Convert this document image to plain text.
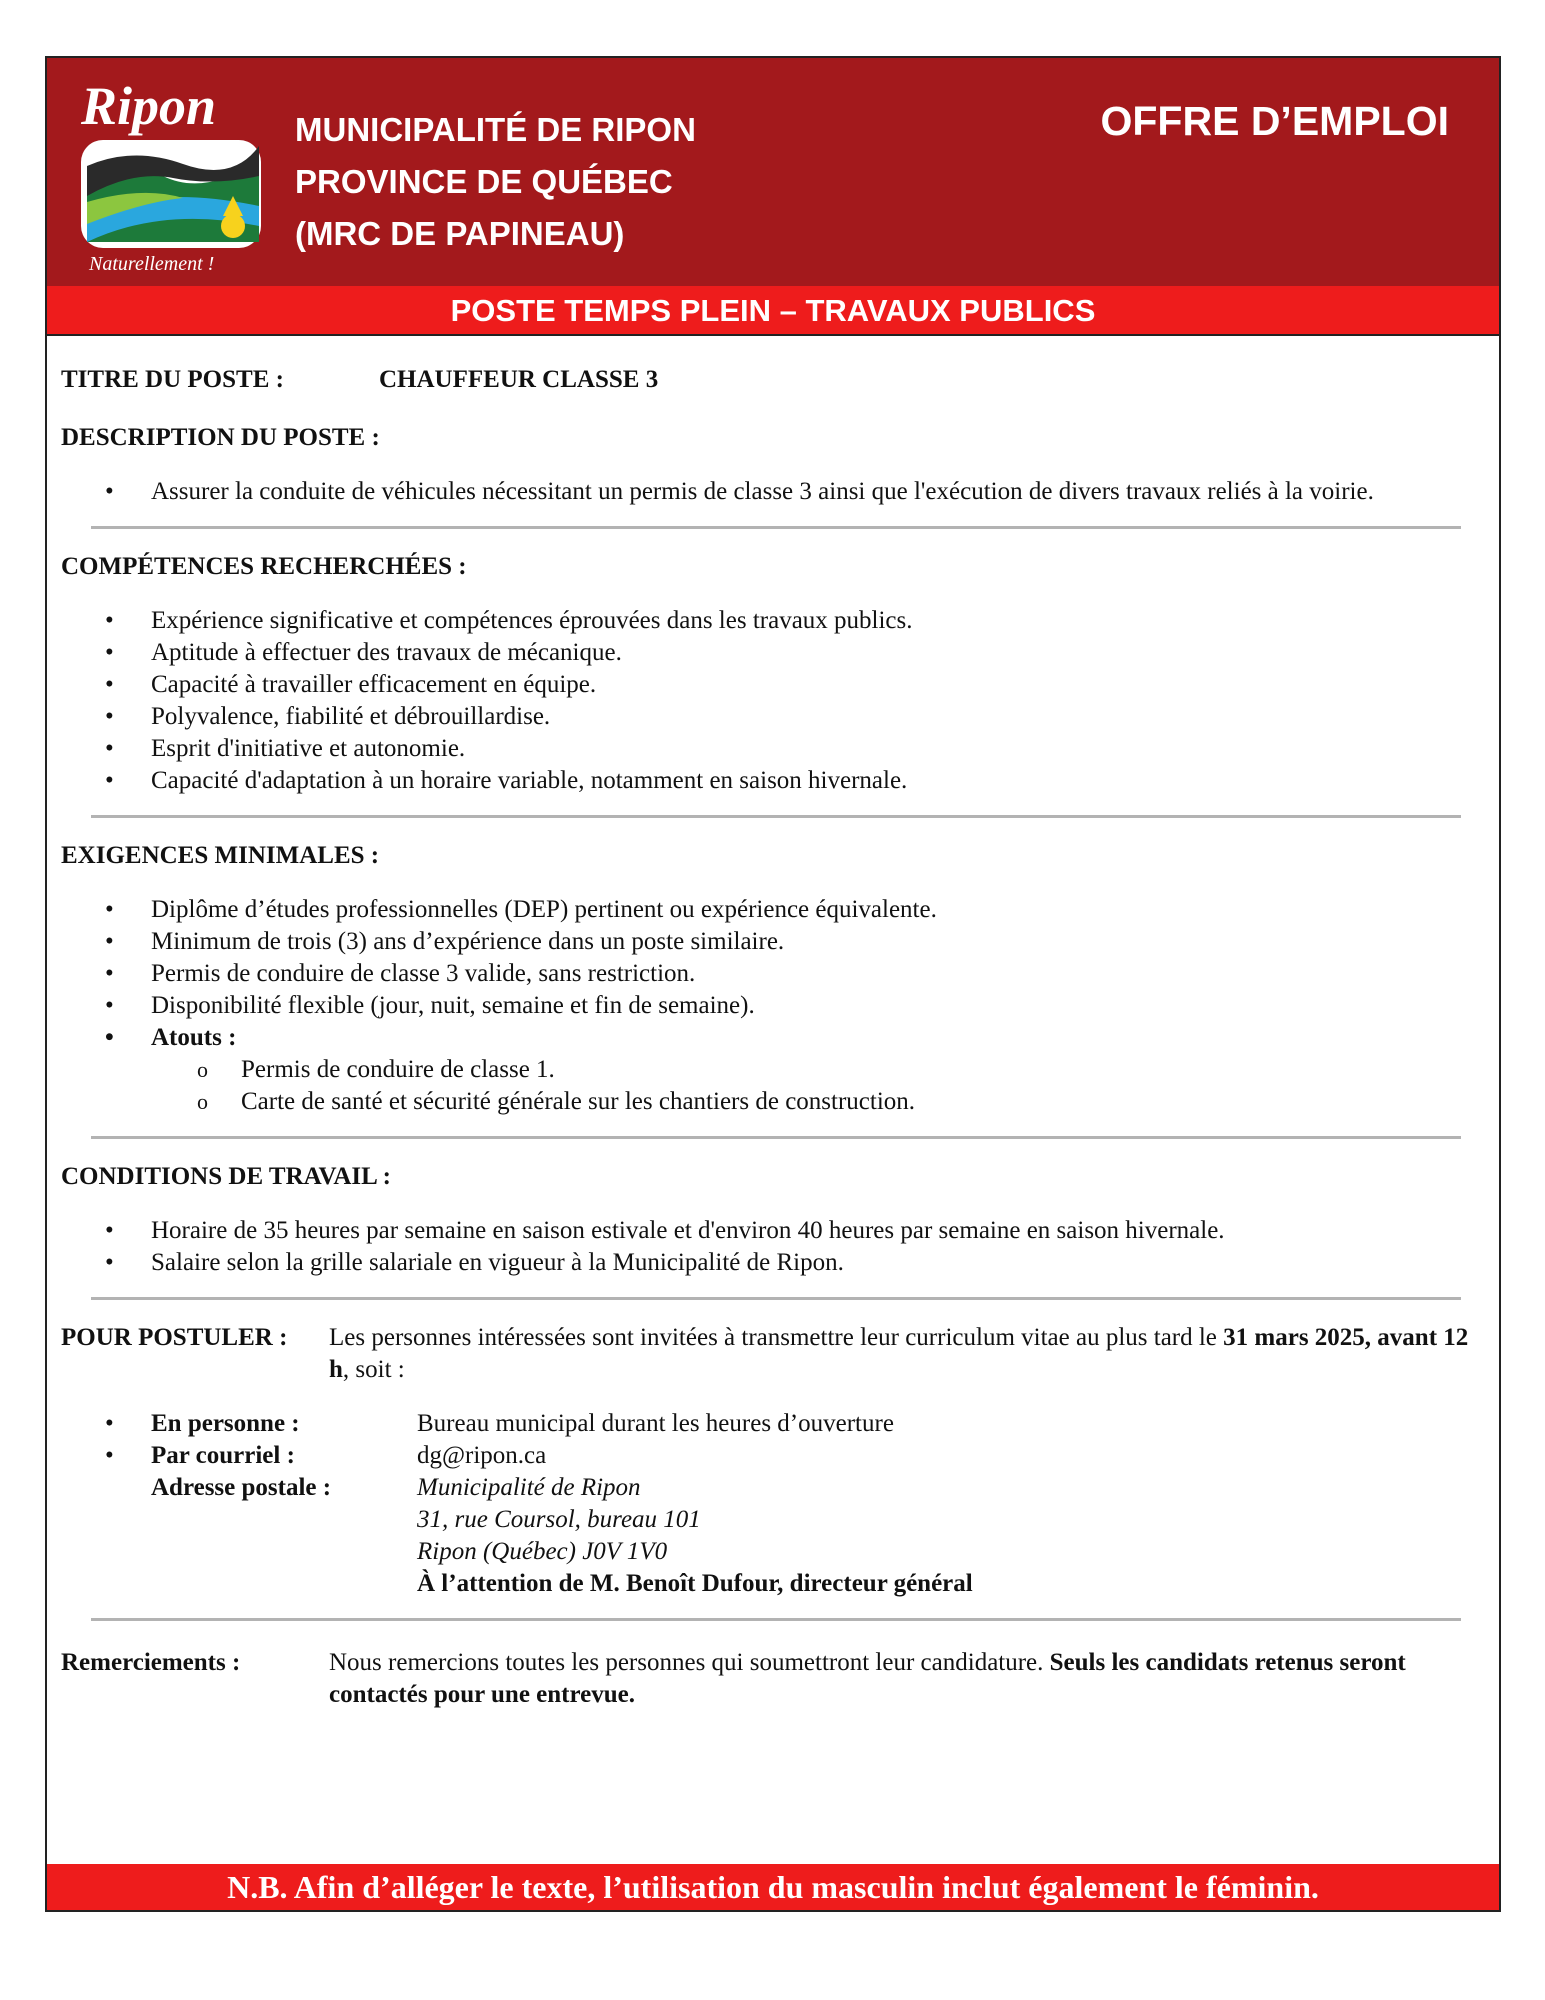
Ripon
Naturellement !
MUNICIPALITÉ DE RIPON
PROVINCE DE QUÉBEC
(MRC DE PAPINEAU)
OFFRE D’EMPLOI
POSTE TEMPS PLEIN – TRAVAUX PUBLICS
TITRE DU POSTE :	CHAUFFEUR CLASSE 3

DESCRIPTION DU POSTE :

• Assurer la conduite de véhicules nécessitant un permis de classe 3 ainsi que l'exécution de divers travaux reliés à la voirie.

COMPÉTENCES RECHERCHÉES :

• Expérience significative et compétences éprouvées dans les travaux publics.
• Aptitude à effectuer des travaux de mécanique.
• Capacité à travailler efficacement en équipe.
• Polyvalence, fiabilité et débrouillardise.
• Esprit d'initiative et autonomie.
• Capacité d'adaptation à un horaire variable, notamment en saison hivernale.

EXIGENCES MINIMALES :

• Diplôme d’études professionnelles (DEP) pertinent ou expérience équivalente.
• Minimum de trois (3) ans d’expérience dans un poste similaire.
• Permis de conduire de classe 3 valide, sans restriction.
• Disponibilité flexible (jour, nuit, semaine et fin de semaine).
• Atouts :
o Permis de conduire de classe 1.
o Carte de santé et sécurité générale sur les chantiers de construction.

CONDITIONS DE TRAVAIL :

• Horaire de 35 heures par semaine en saison estivale et d'environ 40 heures par semaine en saison hivernale.
• Salaire selon la grille salariale en vigueur à la Municipalité de Ripon.
POUR POSTULER :	Les personnes intéressées sont invitées à transmettre leur curriculum vitae au plus tard le 31 mars 2025, avant 12 h, soit :
• En personne :	Bureau municipal durant les heures d’ouverture
• Par courriel :	dg@ripon.ca
Adresse postale :	Municipalité de Ripon
31, rue Coursol, bureau 101
Ripon (Québec) J0V 1V0
À l’attention de M. Benoît Dufour, directeur général
Remerciements :	Nous remercions toutes les personnes qui soumettront leur candidature. Seuls les candidats retenus seront contactés pour une entrevue.
N.B. Afin d’alléger le texte, l’utilisation du masculin inclut également le féminin.
